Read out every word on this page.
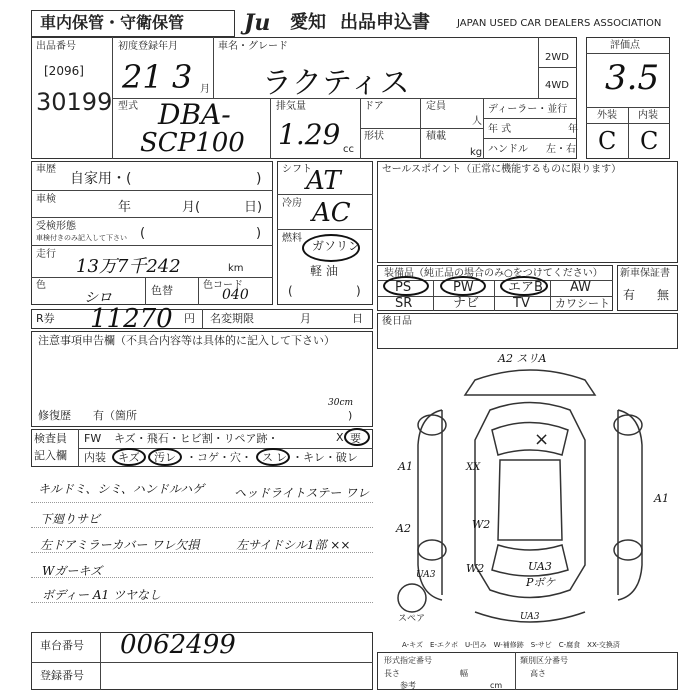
車内保管・守衛保管	Ju	愛知 出品申込書	JAPAN USED CAR DEALERS ASSOCIATION
出品番号
[2096]
30199
初度登録年月
21 3 月
車名・グレード
ラクティス
2WD
4WD
評価点
3.5
外装 内装
C C
型式 DBA-
SCP100
排気量
1.29 cc
ドア	定員
人
形状	積載
kg
ディーラー・並行
年 式	年
ハンドル 左・右
車歴
自家用・(	)
車検
年	月(	日)
受検形態
車検付きのみ記入して下さい (	)
走行
13万7千242	km
色
シロ	色替	色コード
040
シフト
AT
冷房 AC
燃料
ガソリン
軽 油
(	)
セールスポイント（正常に機能するものに限ります）
装備品（純正品の場合のみ○をつけてください）
PS	PW	エアB AW
SR	ナビ	TV カワシート
新車保証書
有 無
R券 11270 円 名変期限	月	日 後日品
注意事項申告欄（不具合内容等は具体的に記入して下さい）
修復歴　　有（箇所	)
30cm
検査員
記入欄
FW キズ・飛石・ヒビ割・リペア跡・	X 要
内装 キズ 汚レ ・コゲ・穴・ ス レ ・キレ・破レ
キルドミ、シミ、ハンドルハゲ ヘッドライトステー ワレ
下廻りサビ
左ドアミラーカバー ワレ欠損	左サイドシル1部 ××
Wガーキズ
ボディー A1 ツヤなし
A2 スリA
×
A1	XX
A1
A2	W2
W2	UA3
Pボケ
UA3
UA3
スペア
A-キズ　E-エクボ　U-凹み　W-補修跡　S-サビ　C-腐食　XX-交換済
車台番号 0062499
登録番号
形式指定番号	類別区分番号
長さ	幅	高さ
cm
参考
